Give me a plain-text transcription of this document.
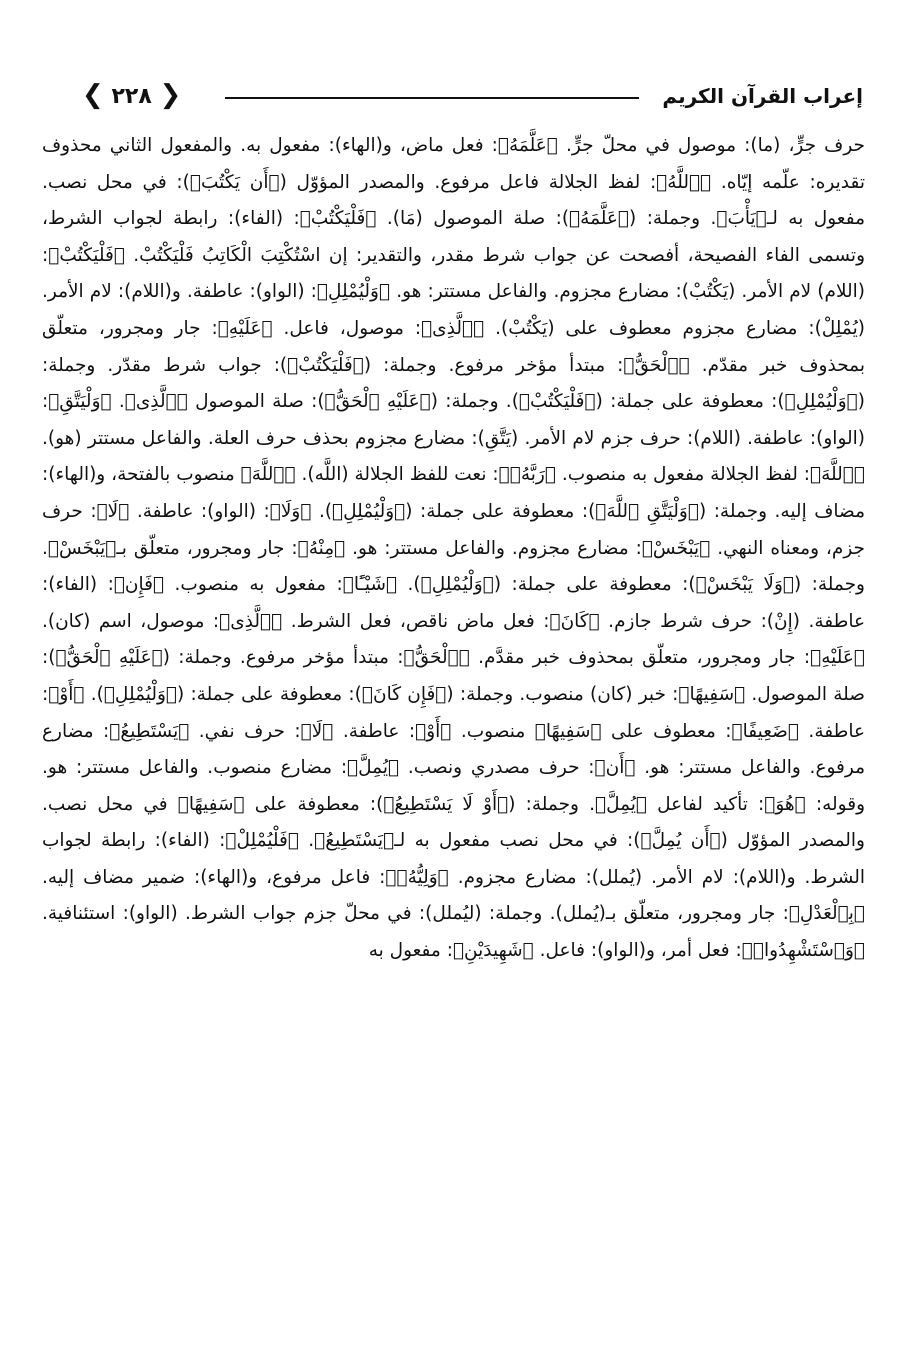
إعراب القرآن الكريم
❮ ٢٢٨ ❯

حرف جرٍّ، (ما): موصول في محلّ جرٍّ. ﴿عَلَّمَهُ﴾: فعل ماض، و(الهاء): مفعول به. والمفعول الثاني محذوف تقديره: علّمه إيّاه. ﴿ٱللَّهُ﴾: لفظ الجلالة فاعل مرفوع. والمصدر المؤوّل (﴿أَن يَكْتُبَ﴾): في محل نصب. مفعول به لـ﴿يَأْبَ﴾. وجملة: (﴿عَلَّمَهُ﴾): صلة الموصول (مَا). ﴿فَلْيَكْتُبْ﴾: (الفاء): رابطة لجواب الشرط، وتسمى الفاء الفصيحة، أفصحت عن جواب شرط مقدر، والتقدير: إن اسْتُكْتِبَ الْكَاتِبُ فَلْيَكْتُبْ. ﴿فَلْيَكْتُبْ﴾: (اللام) لام الأمر. (يَكْتُبْ): مضارع مجزوم. والفاعل مستتر: هو. ﴿وَلْيُمْلِلِ﴾: (الواو): عاطفة. و(اللام): لام الأمر. (يُمْلِلْ): مضارع مجزوم معطوف على (يَكْتُبْ). ﴿ٱلَّذِى﴾: موصول، فاعل. ﴿عَلَيْهِ﴾: جار ومجرور، متعلّق بمحذوف خبر مقدّم. ﴿ٱلْحَقُّ﴾: مبتدأ مؤخر مرفوع. وجملة: (﴿فَلْيَكْتُبْ﴾): جواب شرط مقدّر. وجملة: (﴿وَلْيُمْلِلِ﴾): معطوفة على جملة: (﴿فَلْيَكْتُبْ﴾). وجملة: (﴿عَلَيْهِ ٱلْحَقُّ﴾): صلة الموصول ﴿ٱلَّذِى﴾. ﴿وَلْيَتَّقِ﴾: (الواو): عاطفة. (اللام): حرف جزم لام الأمر. (يَتَّقِ): مضارع مجزوم بحذف حرف العلة. والفاعل مستتر (هو). ﴿ٱللَّهَ﴾: لفظ الجلالة مفعول به منصوب. ﴿رَبَّهُۥ﴾: نعت للفظ الجلالة (اللَّه). ﴿ٱللَّهَ﴾ منصوب بالفتحة، و(الهاء): مضاف إليه. وجملة: (﴿وَلْيَتَّقِ ٱللَّهَ﴾): معطوفة على جملة: (﴿وَلْيُمْلِلِ﴾). ﴿وَلَا﴾: (الواو): عاطفة. ﴿لَا﴾: حرف جزم، ومعناه النهي. ﴿يَبْخَسْ﴾: مضارع مجزوم. والفاعل مستتر: هو. ﴿مِنْهُ﴾: جار ومجرور، متعلّق بـ﴿يَبْخَسْ﴾. وجملة: (﴿وَلَا يَبْخَسْ﴾): معطوفة على جملة: (﴿وَلْيُمْلِلِ﴾). ﴿شَيْـًٔا﴾: مفعول به منصوب. ﴿فَإِن﴾: (الفاء): عاطفة. (إِنْ): حرف شرط جازم. ﴿كَانَ﴾: فعل ماض ناقص، فعل الشرط. ﴿ٱلَّذِى﴾: موصول، اسم (كان). ﴿عَلَيْهِ﴾: جار ومجرور، متعلّق بمحذوف خبر مقدَّم. ﴿ٱلْحَقُّ﴾: مبتدأ مؤخر مرفوع. وجملة: (﴿عَلَيْهِ ٱلْحَقُّ﴾): صلة الموصول. ﴿سَفِيهًا﴾: خبر (كان) منصوب. وجملة: (﴿فَإِن كَانَ﴾): معطوفة على جملة: (﴿وَلْيُمْلِلِ﴾). ﴿أَوْ﴾: عاطفة. ﴿ضَعِيفًا﴾: معطوف على ﴿سَفِيهًا﴾ منصوب. ﴿أَوْ﴾: عاطفة. ﴿لَا﴾: حرف نفي. ﴿يَسْتَطِيعُ﴾: مضارع مرفوع. والفاعل مستتر: هو. ﴿أَن﴾: حرف مصدري ونصب. ﴿يُمِلَّ﴾: مضارع منصوب. والفاعل مستتر: هو. وقوله: ﴿هُوَ﴾: تأكيد لفاعل ﴿يُمِلَّ﴾. وجملة: (﴿أَوْ لَا يَسْتَطِيعُ﴾): معطوفة على ﴿سَفِيهًا﴾ في محل نصب. والمصدر المؤوّل (﴿أَن يُمِلَّ﴾): في محل نصب مفعول به لـ﴿يَسْتَطِيعُ﴾. ﴿فَلْيُمْلِلْ﴾: (الفاء): رابطة لجواب الشرط. و(اللام): لام الأمر. (يُملل): مضارع مجزوم. ﴿وَلِيُّهُۥ﴾: فاعل مرفوع، و(الهاء): ضمير مضاف إليه. ﴿بِٱلْعَدْلِ﴾: جار ومجرور، متعلّق بـ(يُملل). وجملة: (ليُملل): في محلّ جزم جواب الشرط. (الواو): استئنافية. ﴿وَٱسْتَشْهِدُوا۟﴾: فعل أمر، و(الواو): فاعل. ﴿شَهِيدَيْنِ﴾: مفعول به
